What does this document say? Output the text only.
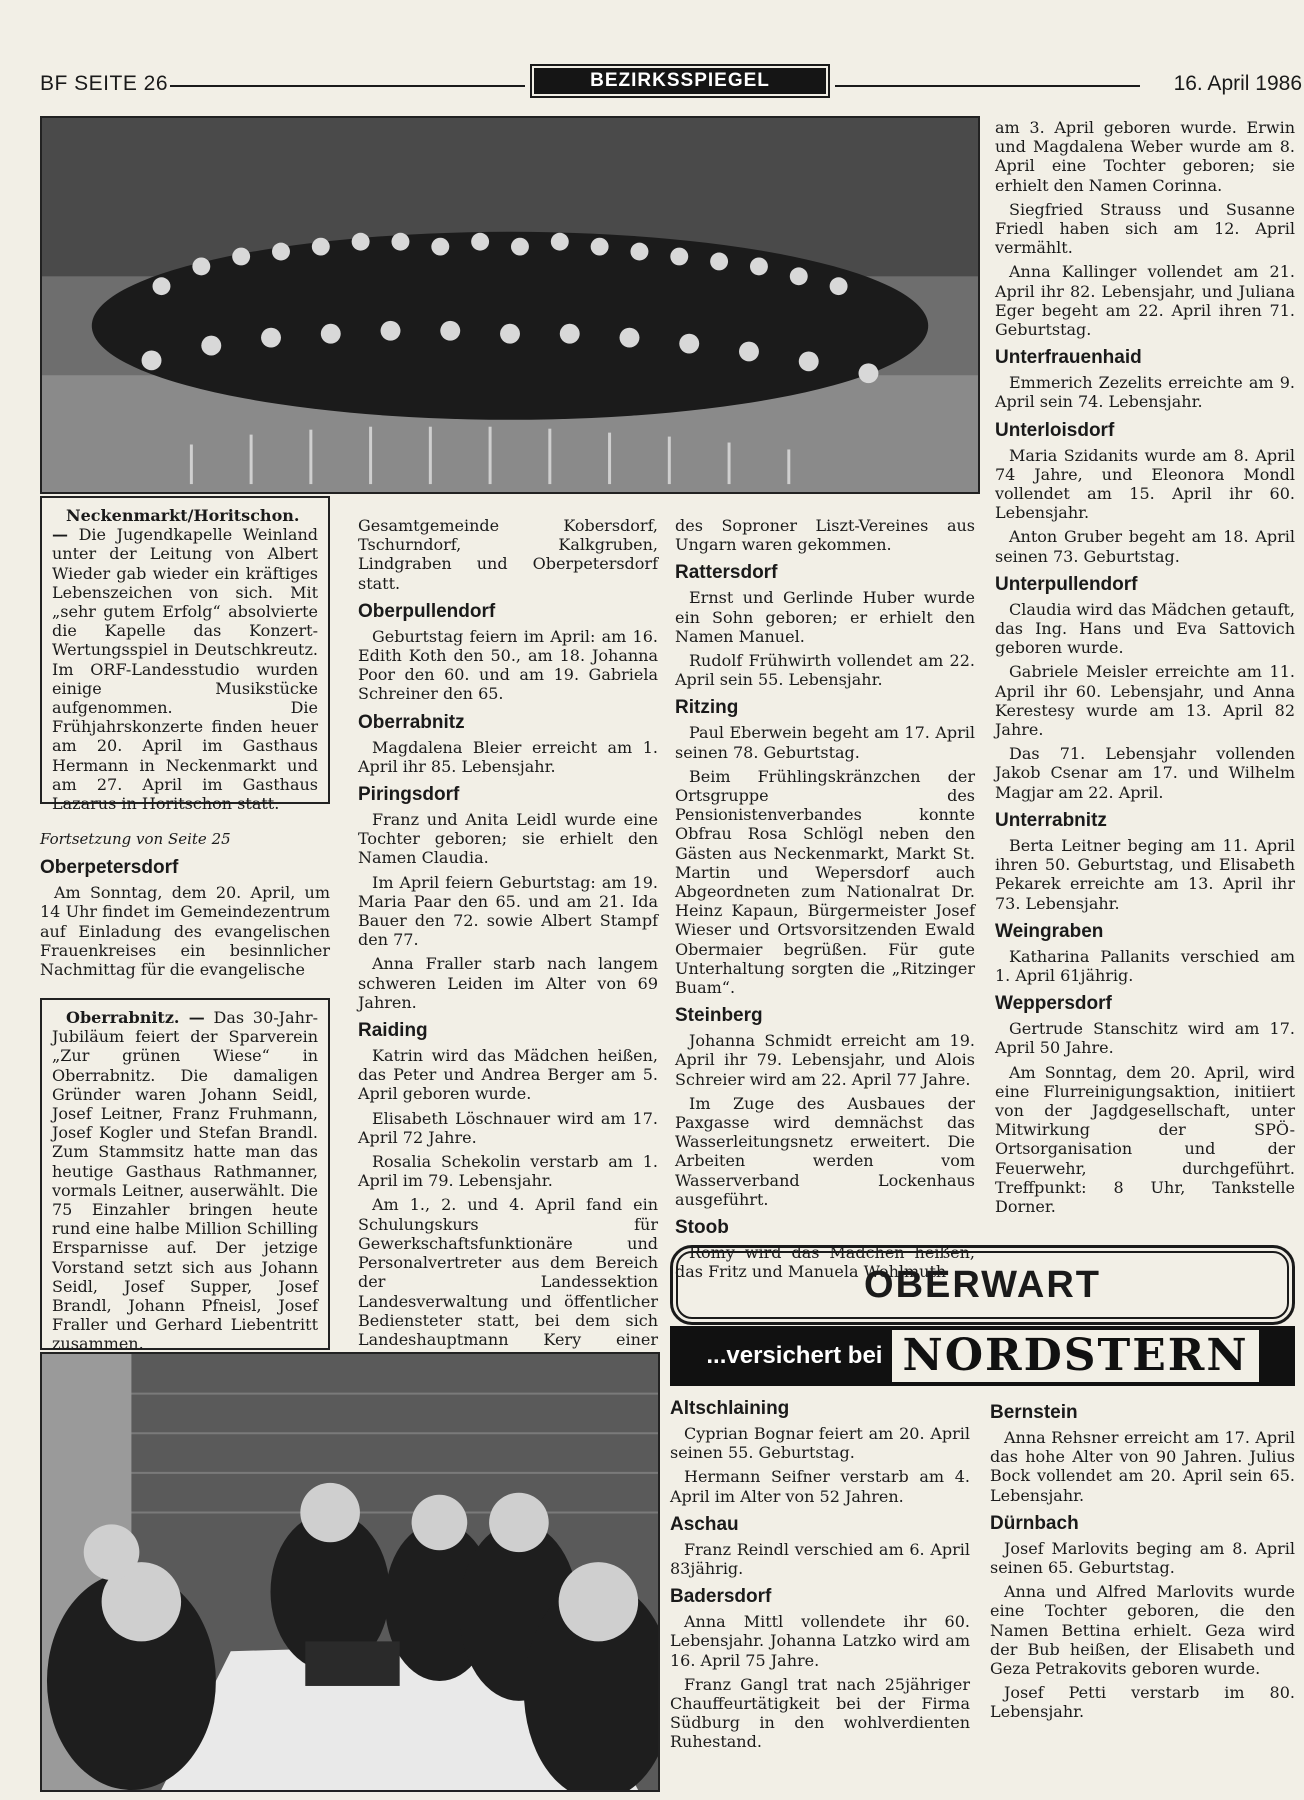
BF SEITE 26	BEZIRKSSPIEGEL	16. April 1986

Neckenmarkt/Horitschon. — Die Jugendkapelle Weinland unter der Leitung von Albert Wieder gab wieder ein kräftiges Lebenszeichen von sich. Mit „sehr gutem Erfolg“ absolvierte die Kapelle das Konzert-Wertungsspiel in Deutschkreutz. Im ORF-Landesstudio wurden einige Musikstücke aufgenommen. Die Frühjahrskonzerte finden heuer am 20. April im Gasthaus Hermann in Neckenmarkt und am 27. April im Gasthaus Lazarus in Horitschon statt.

Fortsetzung von Seite 25
Oberpetersdorf

Am Sonntag, dem 20. April, um 14 Uhr findet im Gemeindezentrum auf Einladung des evangelischen Frauenkreises ein besinnlicher Nachmittag für die evangelische

Oberrabnitz. — Das 30-Jahr-Jubiläum feiert der Sparverein „Zur grünen Wiese“ in Oberrabnitz. Die damaligen Gründer waren Johann Seidl, Josef Leitner, Franz Fruhmann, Josef Kogler und Stefan Brandl. Zum Stammsitz hatte man das heutige Gasthaus Rathmanner, vormals Leitner, auserwählt. Die 75 Einzahler bringen heute rund eine halbe Million Schilling Ersparnisse auf. Der jetzige Vorstand setzt sich aus Johann Seidl, Josef Supper, Josef Brandl, Johann Pfneisl, Josef Fraller und Gerhard Liebentritt zusammen.

Gesamtgemeinde Kobersdorf, Tschurndorf, Kalkgruben, Lindgraben und Oberpetersdorf statt.

Oberpullendorf

Geburtstag feiern im April: am 16. Edith Koth den 50., am 18. Johanna Poor den 60. und am 19. Gabriela Schreiner den 65.

Oberrabnitz

Magdalena Bleier erreicht am 1. April ihr 85. Lebensjahr.

Piringsdorf

Franz und Anita Leidl wurde eine Tochter geboren; sie erhielt den Namen Claudia.

Im April feiern Geburtstag: am 19. Maria Paar den 65. und am 21. Ida Bauer den 72. sowie Albert Stampf den 77.

Anna Fraller starb nach langem schweren Leiden im Alter von 69 Jahren.

Raiding

Katrin wird das Mädchen heißen, das Peter und Andrea Berger am 5. April geboren wurde.

Elisabeth Löschnauer wird am 17. April 72 Jahre.

Rosalia Schekolin verstarb am 1. April im 79. Lebensjahr.

Am 1., 2. und 4. April fand ein Schulungskurs für Gewerkschaftsfunktionäre und Personalvertreter aus dem Bereich der Landessektion Landesverwaltung und öffentlicher Bediensteter statt, bei dem sich Landeshauptmann Kery einer

des Soproner Liszt-Vereines aus Ungarn waren gekommen.

Rattersdorf

Ernst und Gerlinde Huber wurde ein Sohn geboren; er erhielt den Namen Manuel.

Rudolf Frühwirth vollendet am 22. April sein 55. Lebensjahr.

Ritzing

Paul Eberwein begeht am 17. April seinen 78. Geburtstag.

Beim Frühlingskränzchen der Ortsgruppe des Pensionistenverbandes konnte Obfrau Rosa Schlögl neben den Gästen aus Neckenmarkt, Markt St. Martin und Wepersdorf auch Abgeordneten zum Nationalrat Dr. Heinz Kapaun, Bürgermeister Josef Wieser und Ortsvorsitzenden Ewald Obermaier begrüßen. Für gute Unterhaltung sorgten die „Ritzinger Buam“.

Steinberg

Johanna Schmidt erreicht am 19. April ihr 79. Lebensjahr, und Alois Schreier wird am 22. April 77 Jahre.

Im Zuge des Ausbaues der Paxgasse wird demnächst das Wasserleitungsnetz erweitert. Die Arbeiten werden vom Wasserverband Lockenhaus ausgeführt.

Stoob

Romy wird das Mädchen heißen, das Fritz und Manuela Wohlmuth

am 3. April geboren wurde. Erwin und Magdalena Weber wurde am 8. April eine Tochter geboren; sie erhielt den Namen Corinna.

Siegfried Strauss und Susanne Friedl haben sich am 12. April vermählt.

Anna Kallinger vollendet am 21. April ihr 82. Lebensjahr, und Juliana Eger begeht am 22. April ihren 71. Geburtstag.

Unterfrauenhaid

Emmerich Zezelits erreichte am 9. April sein 74. Lebensjahr.

Unterloisdorf

Maria Szidanits wurde am 8. April 74 Jahre, und Eleonora Mondl vollendet am 15. April ihr 60. Lebensjahr.

Anton Gruber begeht am 18. April seinen 73. Geburtstag.

Unterpullendorf

Claudia wird das Mädchen getauft, das Ing. Hans und Eva Sattovich geboren wurde.

Gabriele Meisler erreichte am 11. April ihr 60. Lebensjahr, und Anna Kerestesy wurde am 13. April 82 Jahre.

Das 71. Lebensjahr vollenden Jakob Csenar am 17. und Wilhelm Magjar am 22. April.

Unterrabnitz

Berta Leitner beging am 11. April ihren 50. Geburtstag, und Elisabeth Pekarek erreichte am 13. April ihr 73. Lebensjahr.

Weingraben

Katharina Pallanits verschied am 1. April 61jährig.

Weppersdorf

Gertrude Stanschitz wird am 17. April 50 Jahre.

Am Sonntag, dem 20. April, wird eine Flurreinigungsaktion, initiiert von der Jagdgesellschaft, unter Mitwirkung der SPÖ-Ortsorganisation und der Feuerwehr, durchgeführt. Treffpunkt: 8 Uhr, Tankstelle Dorner.

OBERWART
...versichert bei NORDSTERN
Altschlaining

Cyprian Bognar feiert am 20. April seinen 55. Geburtstag.

Hermann Seifner verstarb am 4. April im Alter von 52 Jahren.

Aschau

Franz Reindl verschied am 6. April 83jährig.

Badersdorf

Anna Mittl vollendete ihr 60. Lebensjahr. Johanna Latzko wird am 16. April 75 Jahre.

Franz Gangl trat nach 25jähriger Chauffeurtätigkeit bei der Firma Südburg in den wohlverdienten Ruhestand.

Bernstein

Anna Rehsner erreicht am 17. April das hohe Alter von 90 Jahren. Julius Bock vollendet am 20. April sein 65. Lebensjahr.

Dürnbach

Josef Marlovits beging am 8. April seinen 65. Geburtstag.

Anna und Alfred Marlovits wurde eine Tochter geboren, die den Namen Bettina erhielt. Geza wird der Bub heißen, der Elisabeth und Geza Petrakovits geboren wurde.

Josef Petti verstarb im 80. Lebensjahr.
